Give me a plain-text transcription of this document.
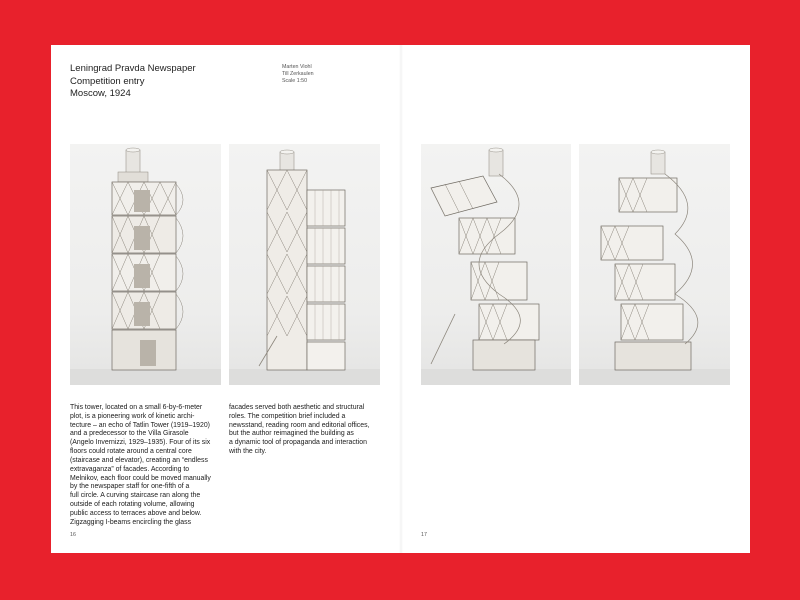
Leningrad Pravda Newspaper
Competition entry
Moscow, 1924
Marten Viohl
Till Zerkaulen
Scale 1:50
This tower, located on a small 6-by-6-meter
plot, is a pioneering work of kinetic archi-
tecture – an echo of Tatlin Tower (1919–1920)
and a predecessor to the Villa Girasole
(Angelo Invernizzi, 1929–1935). Four of its six
floors could rotate around a central core
(staircase and elevator), creating an “endless
extravaganza” of facades. According to
Melnikov, each floor could be moved manually
by the newspaper staff for one-fifth of a
full circle. A curving staircase ran along the
outside of each rotating volume, allowing
public access to terraces above and below.
Zigzagging I-beams encircling the glass
facades served both aesthetic and structural
roles. The competition brief included a
newsstand, reading room and editorial offices,
but the author reimagined the building as
a dynamic tool of propaganda and interaction
with the city.
16	17
